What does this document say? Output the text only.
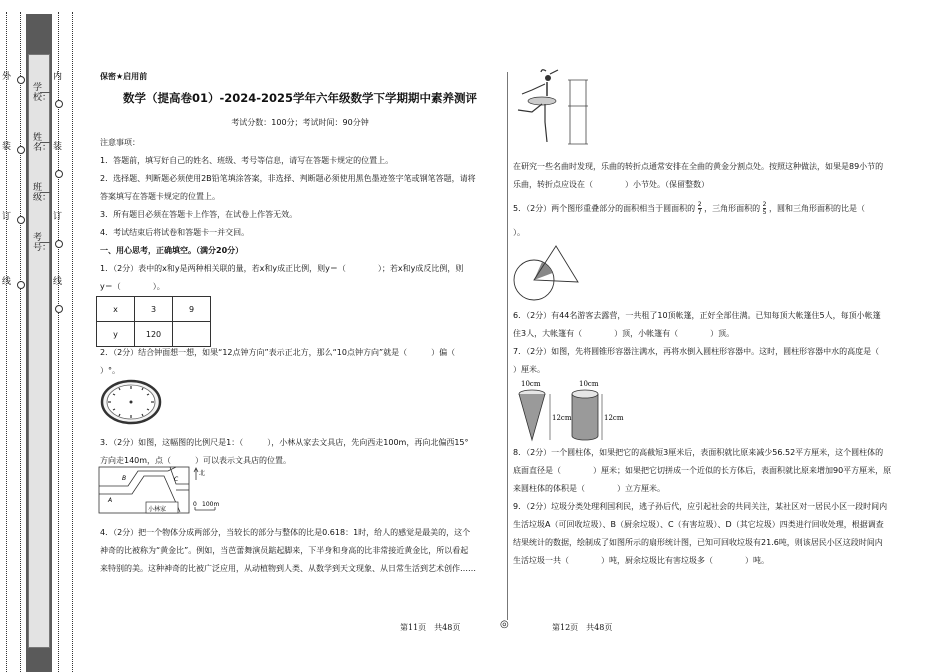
外
装
订
线
学校：
姓名：
班级：
考号：
内
装
订
线
保密★启用前
数学（提高卷01）-2024-2025学年六年级数学下学期期中素养测评
考试分数：100分；考试时间：90分钟
注意事项：
1．答题前，填写好自己的姓名、班级、考号等信息，请写在答题卡规定的位置上。
2．选择题、判断题必须使用2B铅笔填涂答案，非选择、判断题必须使用黑色墨迹签字笔或钢笔答题，请将
答案填写在答题卡规定的位置上。
3．所有题目必须在答题卡上作答，在试卷上作答无效。
4．考试结束后将试卷和答题卡一并交回。
一、用心思考，正确填空。（满分20分）
1．（2分）表中的x和y是两种相关联的量，若x和y成正比例，则y＝（　　　　）；若x和y成反比例，则
y＝（　　　　）。
2．（2分）结合钟面想一想，如果“12点钟方向”表示正北方，那么“10点钟方向”就是（　　　）偏（
）°。
3．（2分）如图，这幅图的比例尺是1：（　　　），小林从家去文具店，先向西走100m，再向北偏西15°
方向走140m，点（　　　）可以表示文具店的位置。
4．（2分）把一个物体分成两部分，当较长的部分与整体的比是0.618：1时，给人的感觉是最美的，这个
神奇的比被称为“黄金比”。例如，当芭蕾舞演员踮起脚来，下半身和身高的比非常接近黄金比，所以看起
来特别的美。这种神奇的比被广泛应用，从动植物到人类、从数学到天文现象、从日常生活到艺术创作……
x	3	9
y	120	
小林家
B	C
A
北
0 100m
在研究一些名曲时发现，乐曲的转折点通常安排在全曲的黄金分割点处。按照这种做法，如果是89小节的
乐曲，转折点应设在（　　　　）小节处。（保留整数）
5．（2分）两个图形重叠部分的面积相当于圆面积的 $\frac{2}{7}$ ，三角形面积的 $\frac{2}{5}$ ，圆和三角形面积的比是（
）。
6．（2分）有44名游客去露营，一共租了10顶帐篷，正好全部住满。已知每顶大帐篷住5人，每顶小帐篷
住3人，大帐篷有（　　　　）顶，小帐篷有（　　　　）顶。
7．（2分）如图，先将圆锥形容器注满水，再将水倒入圆柱形容器中。这时，圆柱形容器中水的高度是（
）厘米。
8．（2分）一个圆柱体，如果把它的高截短3厘米后，表面积就比原来减少56.52平方厘米，这个圆柱体的
底面直径是（　　　　）厘米；如果把它切拼成一个近似的长方体后，表面积就比原来增加90平方厘米，原
来圆柱体的体积是（　　　　）立方厘米。
9．（2分）垃圾分类处理利国利民，逃子孙后代，应引起社会的共同关注，某社区对一居民小区一段时间内
生活垃圾A（可回收垃圾）、B（厨余垃圾）、C（有害垃圾）、D（其它垃圾）四类进行回收处理，根据调查
结果统计的数据，绘制成了如图所示的扇形统计图，已知可回收垃圾有21.6吨，则该居民小区这段时间内
生活垃圾一共（　　　　）吨，厨余垃圾比有害垃圾多（　　　　）吨。
10cm
12cm
10cm
12cm
第11页　共48页	◎	第12页　共48页
